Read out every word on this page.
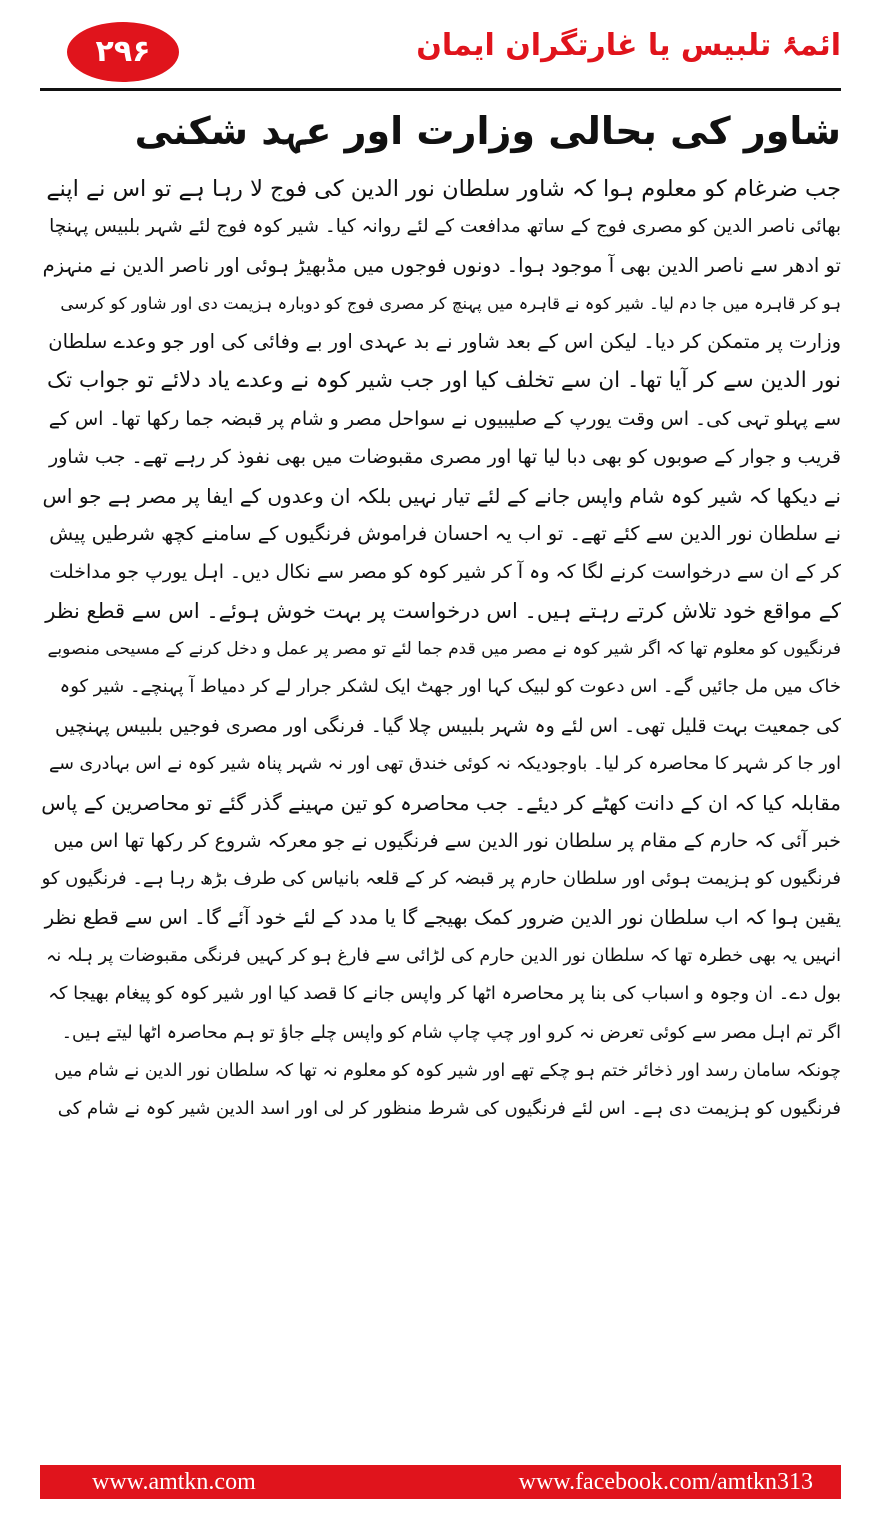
۲۹۶	ائمۂ تلبیس یا غارتگران ایمان
شاور کی بحالی وزارت اور عہد شکنی
جب ضرغام کو معلوم ہوا کہ شاور سلطان نور الدین کی فوج لا رہا ہے تو اس نے اپنے
بھائی ناصر الدین کو مصری فوج کے ساتھ مدافعت کے لئے روانہ کیا۔ شیر کوہ فوج لئے شہر بلبیس پہنچا
تو ادھر سے ناصر الدین بھی آ موجود ہوا۔ دونوں فوجوں میں مڈبھیڑ ہوئی اور ناصر الدین نے منہزم
ہو کر قاہرہ میں جا دم لیا۔ شیر کوہ نے قاہرہ میں پہنچ کر مصری فوج کو دوبارہ ہزیمت دی اور شاور کو کرسی
وزارت پر متمکن کر دیا۔ لیکن اس کے بعد شاور نے بد عہدی اور بے وفائی کی اور جو وعدے سلطان
نور الدین سے کر آیا تھا۔ ان سے تخلف کیا اور جب شیر کوہ نے وعدے یاد دلائے تو جواب تک
سے پہلو تہی کی۔ اس وقت یورپ کے صلیبیوں نے سواحل مصر و شام پر قبضہ جما رکھا تھا۔ اس کے
قریب و جوار کے صوبوں کو بھی دبا لیا تھا اور مصری مقبوضات میں بھی نفوذ کر رہے تھے۔ جب شاور
نے دیکھا کہ شیر کوہ شام واپس جانے کے لئے تیار نہیں بلکہ ان وعدوں کے ایفا پر مصر ہے جو اس
نے سلطان نور الدین سے کئے تھے۔ تو اب یہ احسان فراموش فرنگیوں کے سامنے کچھ شرطیں پیش
کر کے ان سے درخواست کرنے لگا کہ وہ آ کر شیر کوہ کو مصر سے نکال دیں۔ اہل یورپ جو مداخلت
کے مواقع خود تلاش کرتے رہتے ہیں۔ اس درخواست پر بہت خوش ہوئے۔ اس سے قطع نظر
فرنگیوں کو معلوم تھا کہ اگر شیر کوہ نے مصر میں قدم جما لئے تو مصر پر عمل و دخل کرنے کے مسیحی منصوبے
خاک میں مل جائیں گے۔ اس دعوت کو لبیک کہا اور جھٹ ایک لشکر جرار لے کر دمیاط آ پہنچے۔ شیر کوہ
کی جمعیت بہت قلیل تھی۔ اس لئے وہ شہر بلبیس چلا گیا۔ فرنگی اور مصری فوجیں بلبیس پہنچیں
اور جا کر شہر کا محاصرہ کر لیا۔ باوجودیکہ نہ کوئی خندق تھی اور نہ شہر پناہ شیر کوہ نے اس بہادری سے
مقابلہ کیا کہ ان کے دانت کھٹے کر دیئے۔ جب محاصرہ کو تین مہینے گذر گئے تو محاصرین کے پاس
خبر آئی کہ حارم کے مقام پر سلطان نور الدین سے فرنگیوں نے جو معرکہ شروع کر رکھا تھا اس میں
فرنگیوں کو ہزیمت ہوئی اور سلطان حارم پر قبضہ کر کے قلعہ بانیاس کی طرف بڑھ رہا ہے۔ فرنگیوں کو
یقین ہوا کہ اب سلطان نور الدین ضرور کمک بھیجے گا یا مدد کے لئے خود آئے گا۔ اس سے قطع نظر
انہیں یہ بھی خطرہ تھا کہ سلطان نور الدین حارم کی لڑائی سے فارغ ہو کر کہیں فرنگی مقبوضات پر ہلہ نہ
بول دے۔ ان وجوہ و اسباب کی بنا پر محاصرہ اٹھا کر واپس جانے کا قصد کیا اور شیر کوہ کو پیغام بھیجا کہ
اگر تم اہل مصر سے کوئی تعرض نہ کرو اور چپ چاپ شام کو واپس چلے جاؤ تو ہم محاصرہ اٹھا لیتے ہیں۔
چونکہ سامان رسد اور ذخائر ختم ہو چکے تھے اور شیر کوہ کو معلوم نہ تھا کہ سلطان نور الدین نے شام میں
فرنگیوں کو ہزیمت دی ہے۔ اس لئے فرنگیوں کی شرط منظور کر لی اور اسد الدین شیر کوہ نے شام کی
www.amtkn.com	www.facebook.com/amtkn313
